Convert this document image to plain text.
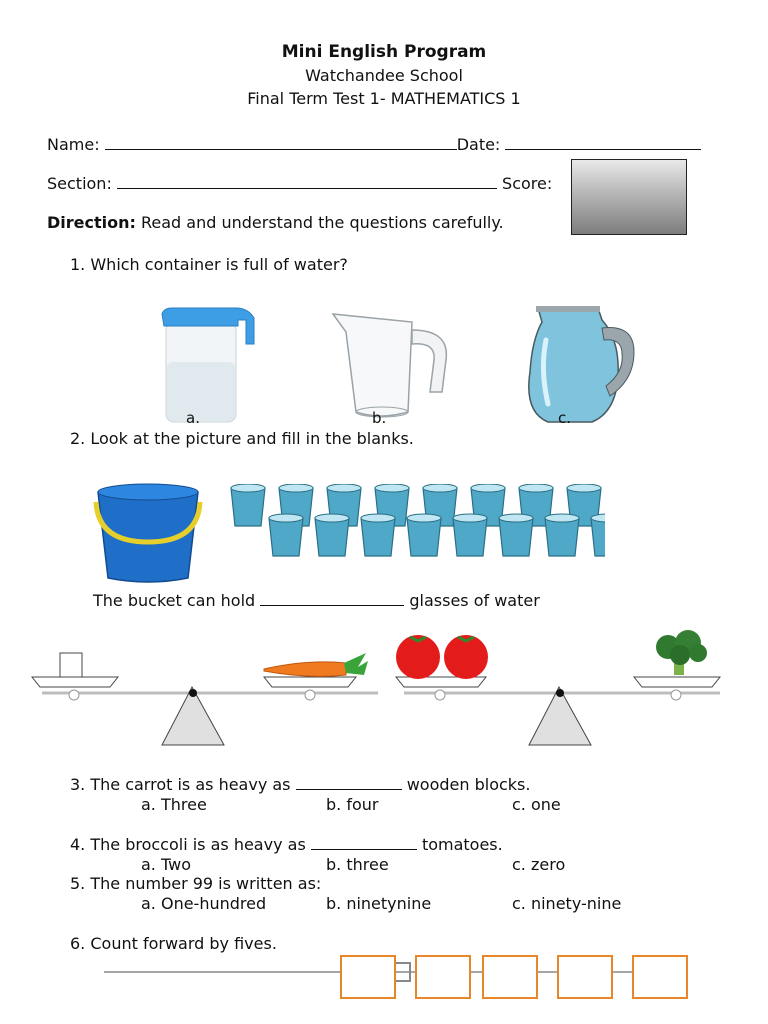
Mini English Program
Watchandee School
Final Term Test 1- MATHEMATICS 1
Name:	Date:
Section:	Score:
Direction: Read and understand the questions carefully.
1. Which container is full of water?
a.	b.	c.
2. Look at the picture and fill in the blanks.
The bucket can hold	glasses of water
3. The carrot is as heavy as	wooden blocks.
a. Three	b. four	c. one
4. The broccoli is as heavy as	tomatoes.
a. Two	b. three	c. zero
5. The number 99 is written as:
a. One-hundred	b. ninetynine	c. ninety-nine
6. Count forward by fives.
